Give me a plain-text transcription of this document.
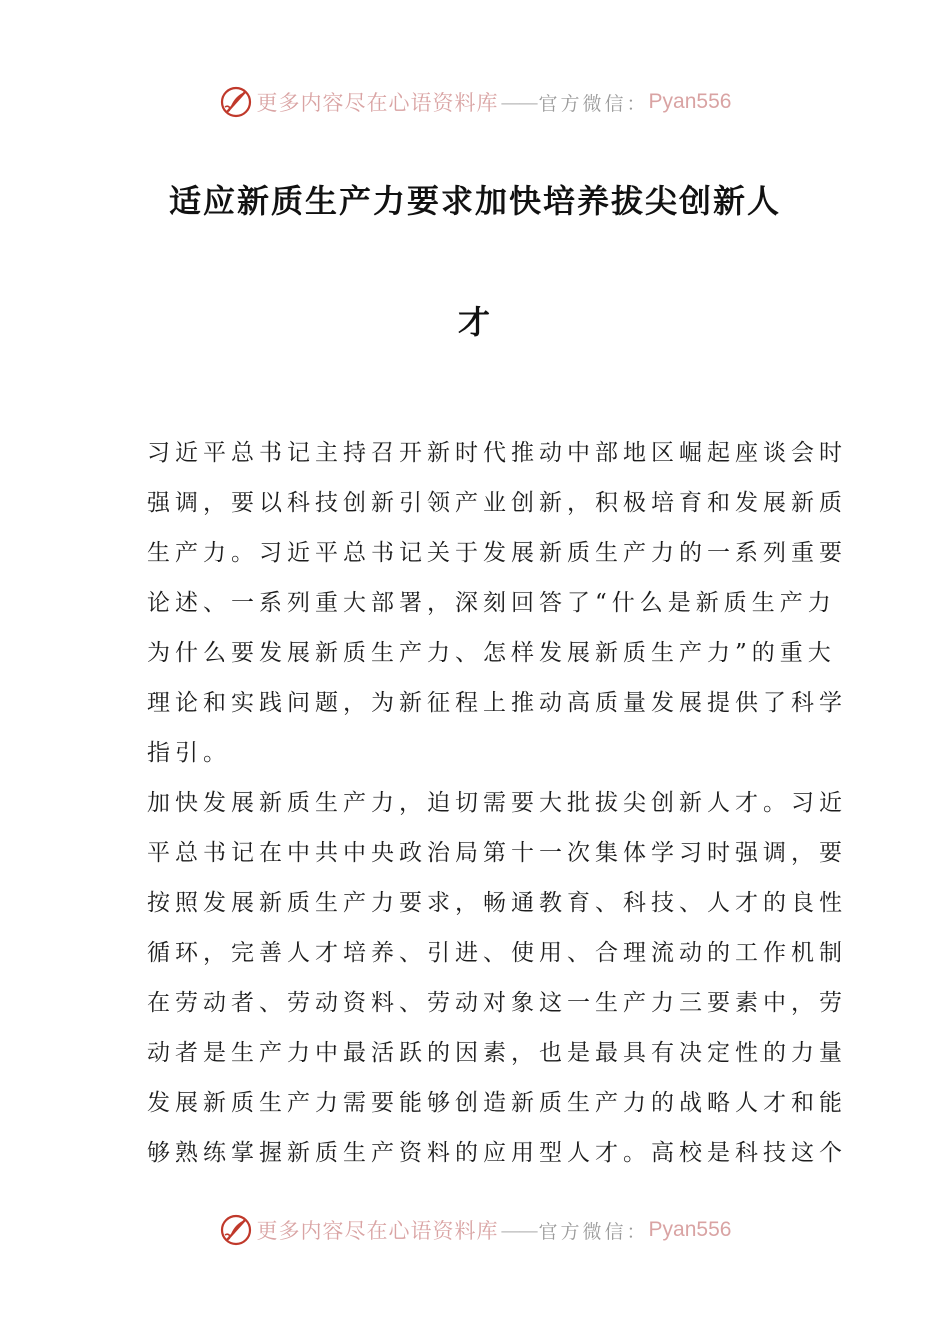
更多内容尽在心语资料库 —— 官方微信： Pyan556
适应新质生产力要求加快培养拔尖创新人
才
习近平总书记主持召开新时代推动中部地区崛起座谈会时
强调，要以科技创新引领产业创新，积极培育和发展新质
生产力。习近平总书记关于发展新质生产力的一系列重要
论述、一系列重大部署，深刻回答了“什么是新质生产力
为什么要发展新质生产力、怎样发展新质生产力”的重大
理论和实践问题，为新征程上推动高质量发展提供了科学
指引。
加快发展新质生产力，迫切需要大批拔尖创新人才。习近
平总书记在中共中央政治局第十一次集体学习时强调，要
按照发展新质生产力要求，畅通教育、科技、人才的良性
循环，完善人才培养、引进、使用、合理流动的工作机制
在劳动者、劳动资料、劳动对象这一生产力三要素中，劳
动者是生产力中最活跃的因素，也是最具有决定性的力量
发展新质生产力需要能够创造新质生产力的战略人才和能
够熟练掌握新质生产资料的应用型人才。高校是科技这个
更多内容尽在心语资料库 —— 官方微信： Pyan556
